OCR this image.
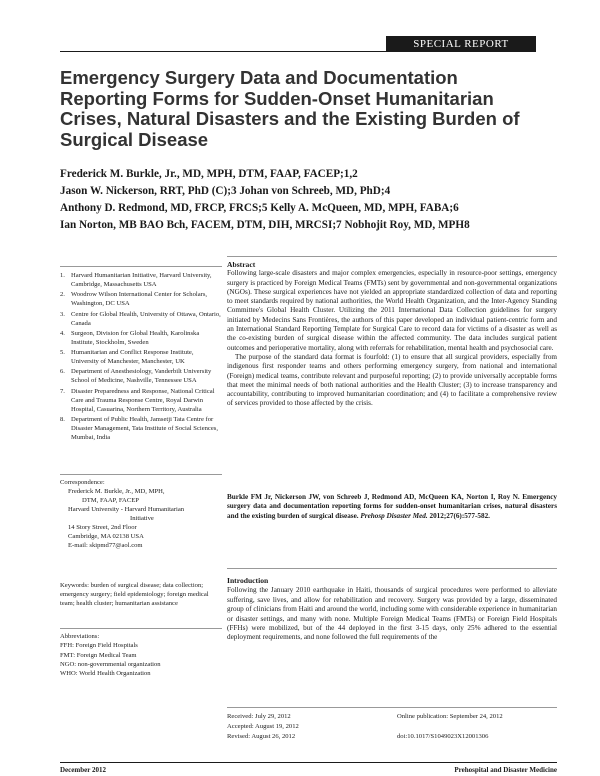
SPECIAL REPORT
Emergency Surgery Data and Documentation Reporting Forms for Sudden-Onset Humanitarian Crises, Natural Disasters and the Existing Burden of Surgical Disease
Frederick M. Burkle, Jr., MD, MPH, DTM, FAAP, FACEP;1,2
Jason W. Nickerson, RRT, PhD (C);3 Johan von Schreeb, MD, PhD;4
Anthony D. Redmond, MD, FRCP, FRCS;5 Kelly A. McQueen, MD, MPH, FABA;6
Ian Norton, MB BAO Bch, FACEM, DTM, DIH, MRCSI;7 Nobhojit Roy, MD, MPH8
1. Harvard Humanitarian Initiative, Harvard University, Cambridge, Massachusetts USA
2. Woodrow Wilson International Center for Scholars, Washington, DC USA
3. Centre for Global Health, University of Ottawa, Ontario, Canada
4. Surgeon, Division for Global Health, Karolinska Institute, Stockholm, Sweden
5. Humanitarian and Conflict Response Institute, University of Manchester, Manchester, UK
6. Department of Anesthesiology, Vanderbilt University School of Medicine, Nashville, Tennessee USA
7. Disaster Preparedness and Response, National Critical Care and Trauma Response Centre, Royal Darwin Hospital, Casuarina, Northern Territory, Australia
8. Department of Public Health, Jamsetji Tata Centre for Disaster Management, Tata Institute of Social Sciences, Mumbai, India
Correspondence:
Frederick M. Burkle, Jr., MD, MPH,
DTM, FAAP, FACEP
Harvard University - Harvard Humanitarian
Initiative
14 Story Street, 2nd Floor
Cambridge, MA 02138 USA
E-mail: skipmd77@aol.com
Keywords: burden of surgical disease; data collection; emergency surgery; field epidemiology; foreign medical team; health cluster; humanitarian assistance
Abbreviations:
FFH: Foreign Field Hospitals
FMT: Foreign Medical Team
NGO: non-governmental organization
WHO: World Health Organization
Abstract

Following large-scale disasters and major complex emergencies, especially in resource-poor settings, emergency surgery is practiced by Foreign Medical Teams (FMTs) sent by governmental and non-governmental organizations (NGOs). These surgical experiences have not yielded an appropriate standardized collection of data and reporting to meet standards required by national authorities, the World Health Organization, and the Inter-Agency Standing Committee's Global Health Cluster. Utilizing the 2011 International Data Collection guidelines for surgery initiated by Medecins Sans Frontières, the authors of this paper developed an individual patient-centric form and an International Standard Reporting Template for Surgical Care to record data for victims of a disaster as well as the co-existing burden of surgical disease within the affected community. The data includes surgical patient outcomes and perioperative mortality, along with referrals for rehabilitation, mental health and psychosocial care.

The purpose of the standard data format is fourfold: (1) to ensure that all surgical providers, especially from indigenous first responder teams and others performing emergency surgery, from national and international (Foreign) medical teams, contribute relevant and purposeful reporting; (2) to provide universally acceptable forms that meet the minimal needs of both national authorities and the Health Cluster; (3) to increase transparency and accountability, contributing to improved humanitarian coordination; and (4) to facilitate a comprehensive review of services provided to those affected by the crisis.

Burkle FM Jr, Nickerson JW, von Schreeb J, Redmond AD, McQueen KA, Norton I, Roy N. Emergency surgery data and documentation reporting forms for sudden-onset humanitarian crises, natural disasters and the existing burden of surgical disease. Prehosp Disaster Med. 2012;27(6):577-582.
Introduction
Following the January 2010 earthquake in Haiti, thousands of surgical procedures were performed to alleviate suffering, save lives, and allow for rehabilitation and recovery. Surgery was provided by a large, disseminated group of clinicians from Haiti and around the world, including some with considerable experience in humanitarian or disaster settings, and many with none. Multiple Foreign Medical Teams (FMTs) or Foreign Field Hospitals (FFHs) were mobilized, but of the 44 deployed in the first 3-15 days, only 25% adhered to the essential deployment requirements, and none followed the full requirements of the
Received: July 29, 2012	Online publication: September 24, 2012
Accepted: August 19, 2012
Revised: August 26, 2012	doi:10.1017/S1049023X12001306
December 2012	Prehospital and Disaster Medicine
